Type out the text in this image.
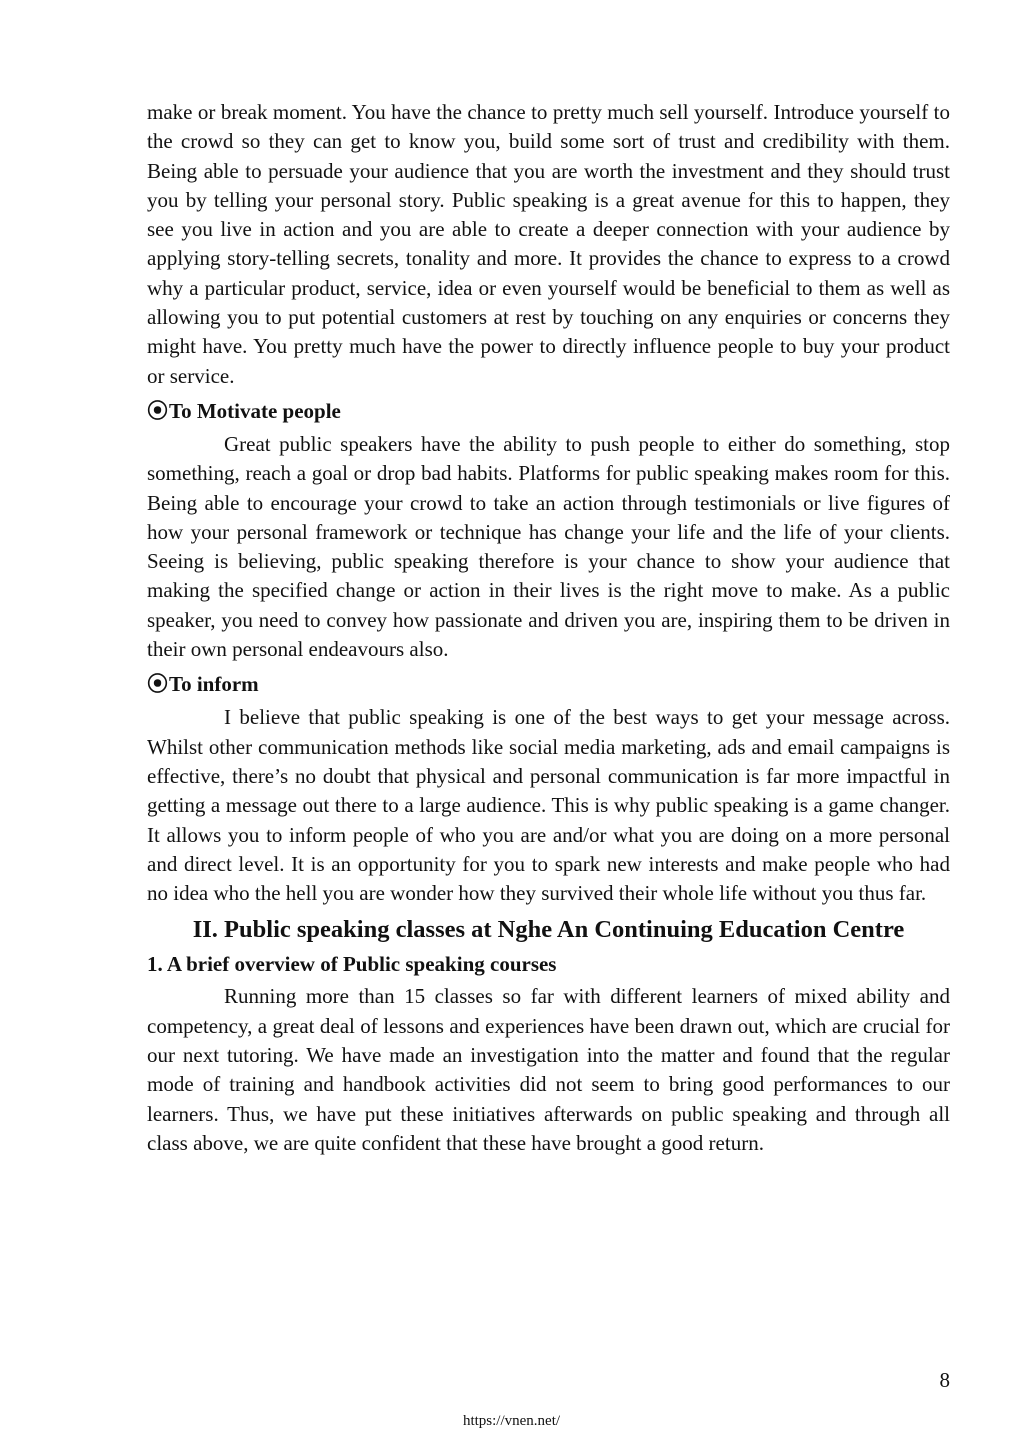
make or break moment. You have the chance to pretty much sell yourself. Introduce yourself to the crowd so they can get to know you, build some sort of trust and credibility with them. Being able to persuade your audience that you are worth the investment and they should trust you by telling your personal story. Public speaking is a great avenue for this to happen, they see you live in action and you are able to create a deeper connection with your audience by applying story-telling secrets, tonality and more. It provides the chance to express to a crowd why a particular product, service, idea or even yourself would be beneficial to them as well as allowing you to put potential customers at rest by touching on any enquiries or concerns they might have. You pretty much have the power to directly influence people to buy your product or service.

⦿To Motivate people

Great public speakers have the ability to push people to either do something, stop something, reach a goal or drop bad habits. Platforms for public speaking makes room for this. Being able to encourage your crowd to take an action through testimonials or live figures of how your personal framework or technique has change your life and the life of your clients. Seeing is believing, public speaking therefore is your chance to show your audience that making the specified change or action in their lives is the right move to make. As a public speaker, you need to convey how passionate and driven you are, inspiring them to be driven in their own personal endeavours also.

⦿To inform

I believe that public speaking is one of the best ways to get your message across. Whilst other communication methods like social media marketing, ads and email campaigns is effective, there’s no doubt that physical and personal communication is far more impactful in getting a message out there to a large audience. This is why public speaking is a game changer. It allows you to inform people of who you are and/or what you are doing on a more personal and direct level. It is an opportunity for you to spark new interests and make people who had no idea who the hell you are wonder how they survived their whole life without you thus far.

II. Public speaking classes at Nghe An Continuing Education Centre
1. A brief overview of Public speaking courses

Running more than 15 classes so far with different learners of mixed ability and competency, a great deal of lessons and experiences have been drawn out, which are crucial for our next tutoring. We have made an investigation into the matter and found that the regular mode of training and handbook activities did not seem to bring good performances to our learners. Thus, we have put these initiatives afterwards on public speaking and through all class above, we are quite confident that these have brought a good return.

8
https://vnen.net/
